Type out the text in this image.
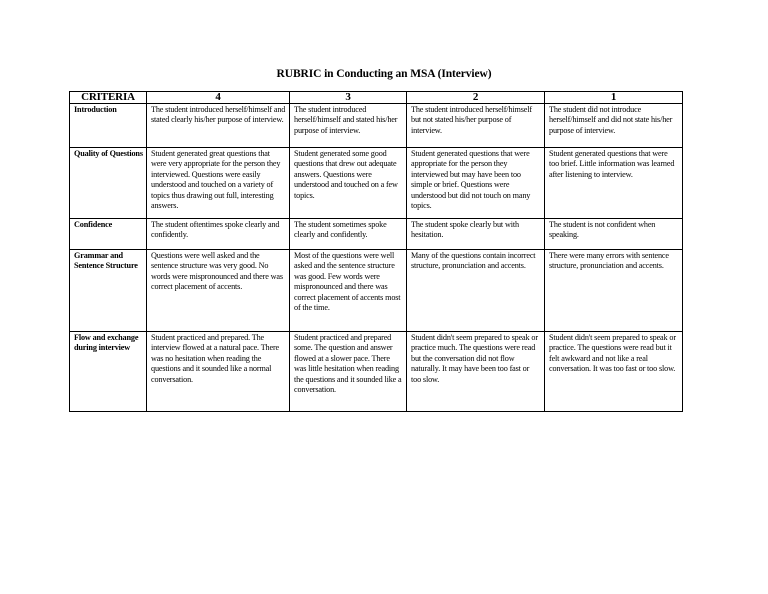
RUBRIC in Conducting an MSA (Interview)
CRITERIA	4	3	2	1
Introduction	The student introduced herself/himself and stated clearly his/her purpose of interview.	The student introduced herself/himself and stated his/her purpose of interview.	The student introduced herself/himself but not stated his/her purpose of interview.	The student did not introduce herself/himself and did not state his/her purpose of interview.
Quality of Questions	Student generated great questions that were very appropriate for the person they interviewed. Questions were easily understood and touched on a variety of topics thus drawing out full, interesting answers.	Student generated some good questions that drew out adequate answers. Questions were understood and touched on a few topics.	Student generated questions that were appropriate for the person they interviewed but may have been too simple or brief. Questions were understood but did not touch on many topics.	Student generated questions that were too brief. Little information was learned after listening to interview.
Confidence	The student oftentimes spoke clearly and confidently.	The student sometimes spoke clearly and confidently.	The student spoke clearly but with hesitation.	The student is not confident when speaking.
Grammar and Sentence Structure	Questions were well asked and the sentence structure was very good. No words were mispronounced and there was correct placement of accents.	Most of the questions were well asked and the sentence structure was good. Few words were mispronounced and there was correct placement of accents most of the time.	Many of the questions contain incorrect structure, pronunciation and accents.	There were many errors with sentence structure, pronunciation and accents.
Flow and exchange during interview	Student practiced and prepared. The interview flowed at a natural pace. There was no hesitation when reading the questions and it sounded like a normal conversation.	Student practiced and prepared some. The question and answer flowed at a slower pace. There was little hesitation when reading the questions and it sounded like a conversation.	Student didn't seem prepared to speak or practice much. The questions were read but the conversation did not flow naturally. It may have been too fast or too slow.	Student didn't seem prepared to speak or practice. The questions were read but it felt awkward and not like a real conversation. It was too fast or too slow.
